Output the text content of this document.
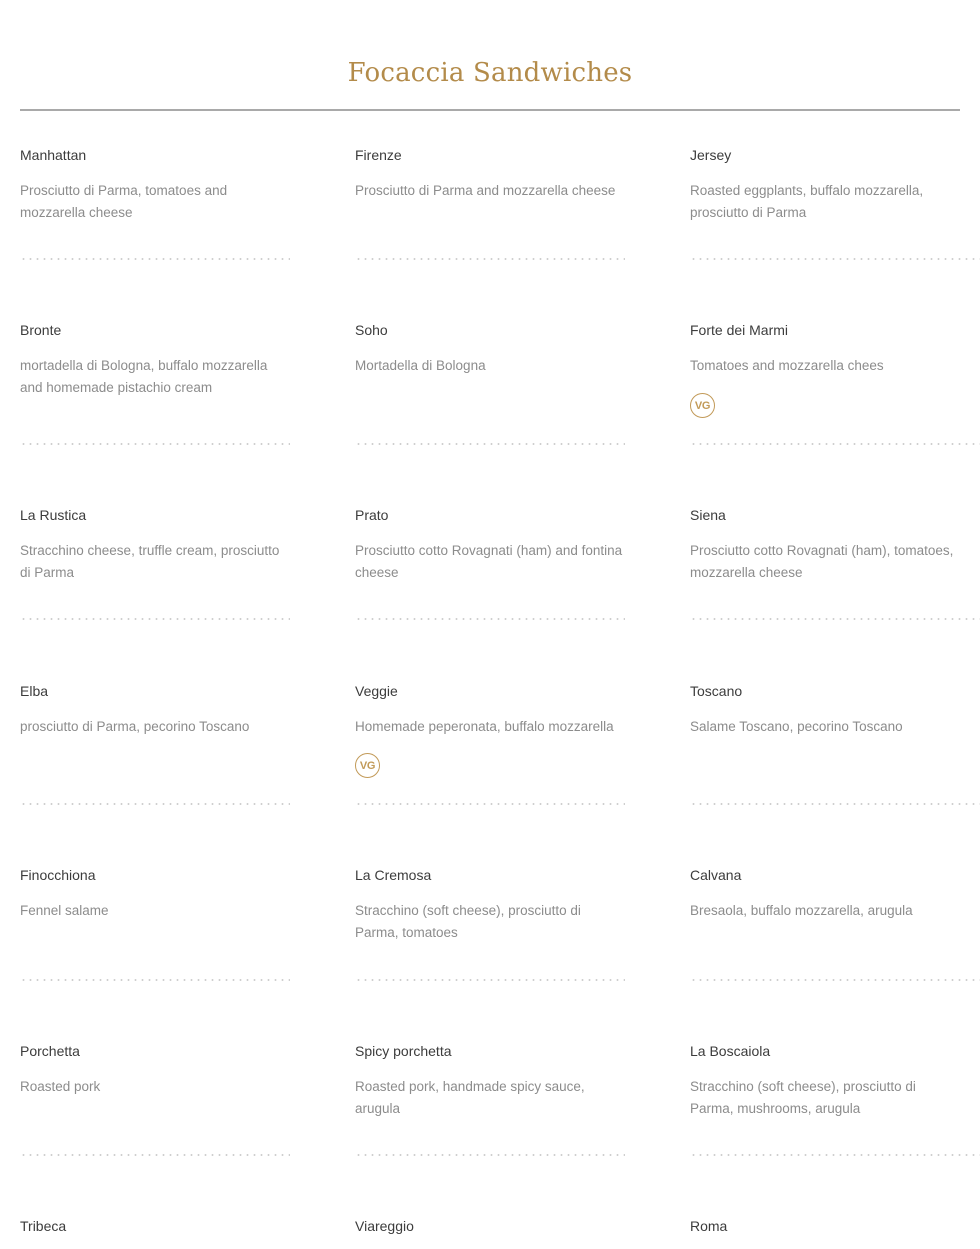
Focaccia Sandwiches
Manhattan
Prosciutto di Parma, tomatoes and mozzarella cheese
Firenze
Prosciutto di Parma and mozzarella cheese
Jersey
Roasted eggplants, buffalo mozzarella, prosciutto di Parma
Bronte
mortadella di Bologna, buffalo mozzarella and homemade pistachio cream
Soho
Mortadella di Bologna
Forte dei Marmi
Tomatoes and mozzarella chees
VG
La Rustica
Stracchino cheese, truffle cream, prosciutto di Parma
Prato
Prosciutto cotto Rovagnati (ham) and fontina cheese
Siena
Prosciutto cotto Rovagnati (ham), tomatoes, mozzarella cheese
Elba
prosciutto di Parma, pecorino Toscano
Veggie
Homemade peperonata, buffalo mozzarella
VG
Toscano
Salame Toscano, pecorino Toscano
Finocchiona
Fennel salame
La Cremosa
Stracchino (soft cheese), prosciutto di Parma, tomatoes
Calvana
Bresaola, buffalo mozzarella, arugula
Porchetta
Roasted pork
Spicy porchetta
Roasted pork, handmade spicy sauce, arugula
La Boscaiola
Stracchino (soft cheese), prosciutto di Parma, mushrooms, arugula
Tribeca	Viareggio	Roma
